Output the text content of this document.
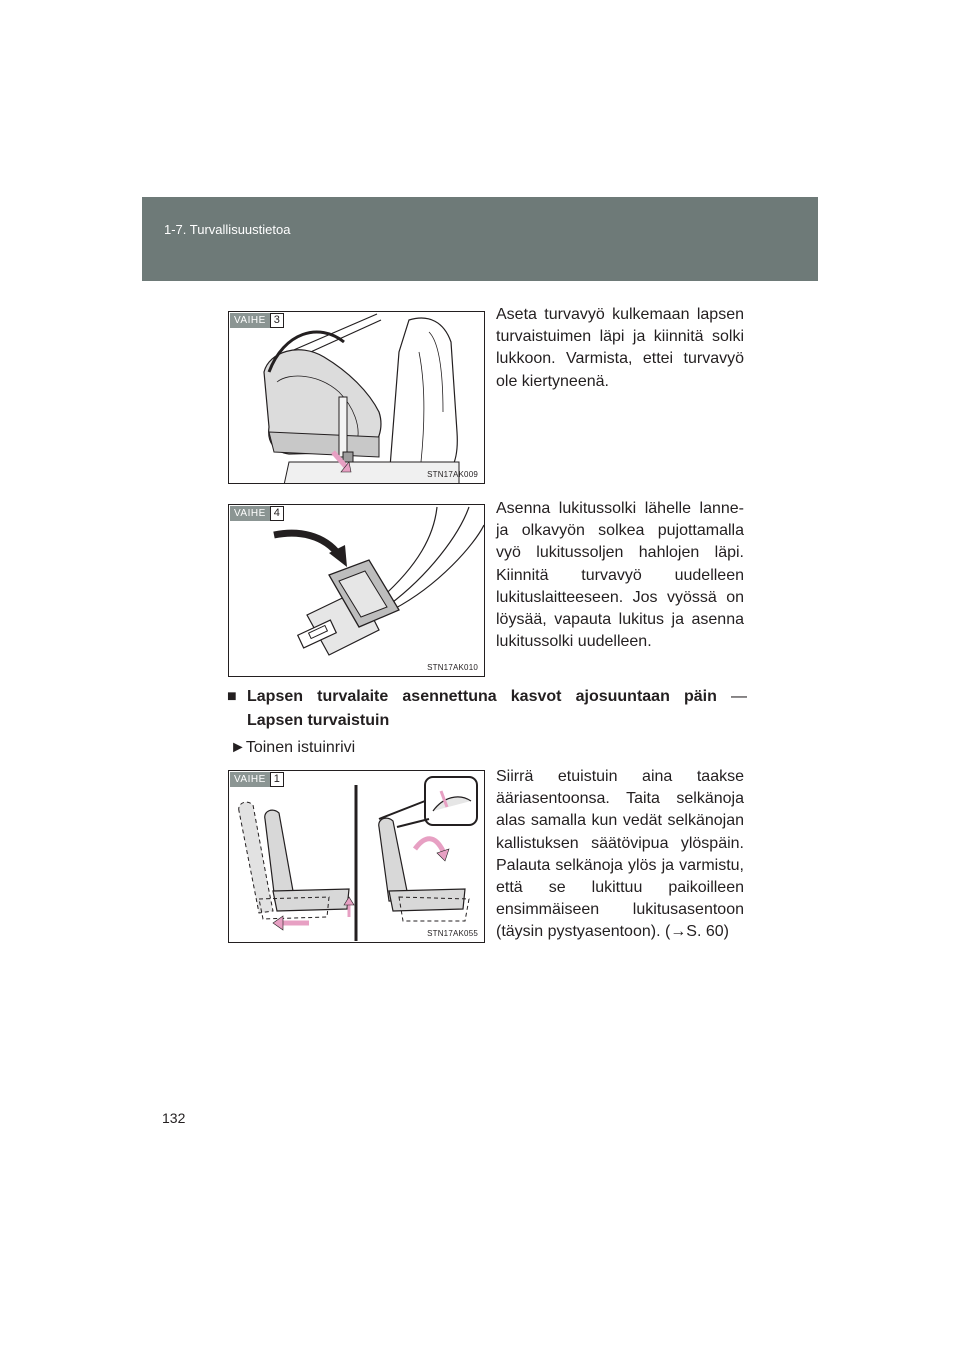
1-7. Turvallisuustietoa
VAIHE 3
STN17AK009

Aseta turvavyö kulkemaan lapsen turvaistuimen läpi ja kiinnitä solki lukkoon. Varmista, ettei turvavyö ole kiertyneenä.

VAIHE 4
STN17AK010

Asenna lukitussolki lähelle lanne- ja olkavyön solkea pujottamalla vyö lukitussoljen hahlojen läpi. Kiinnitä turvavyö uudelleen lukituslaitteeseen. Jos vyössä on löysää, vapauta lukitus ja asenna lukitussolki uudelleen.

■ Lapsen turvalaite asennettuna kasvot ajosuuntaan päin —
Lapsen turvaistuin
►Toinen istuinrivi
VAIHE 1
STN17AK055

Siirrä etuistuin aina taakse ääriasentoonsa. Taita selkänoja alas samalla kun vedät selkänojan kallistuksen säätövipua ylöspäin. Palauta selkänoja ylös ja varmistu, että se lukittuu paikoilleen ensimmäiseen lukitusasentoon (täysin pystyasentoon). (→S. 60)

132
